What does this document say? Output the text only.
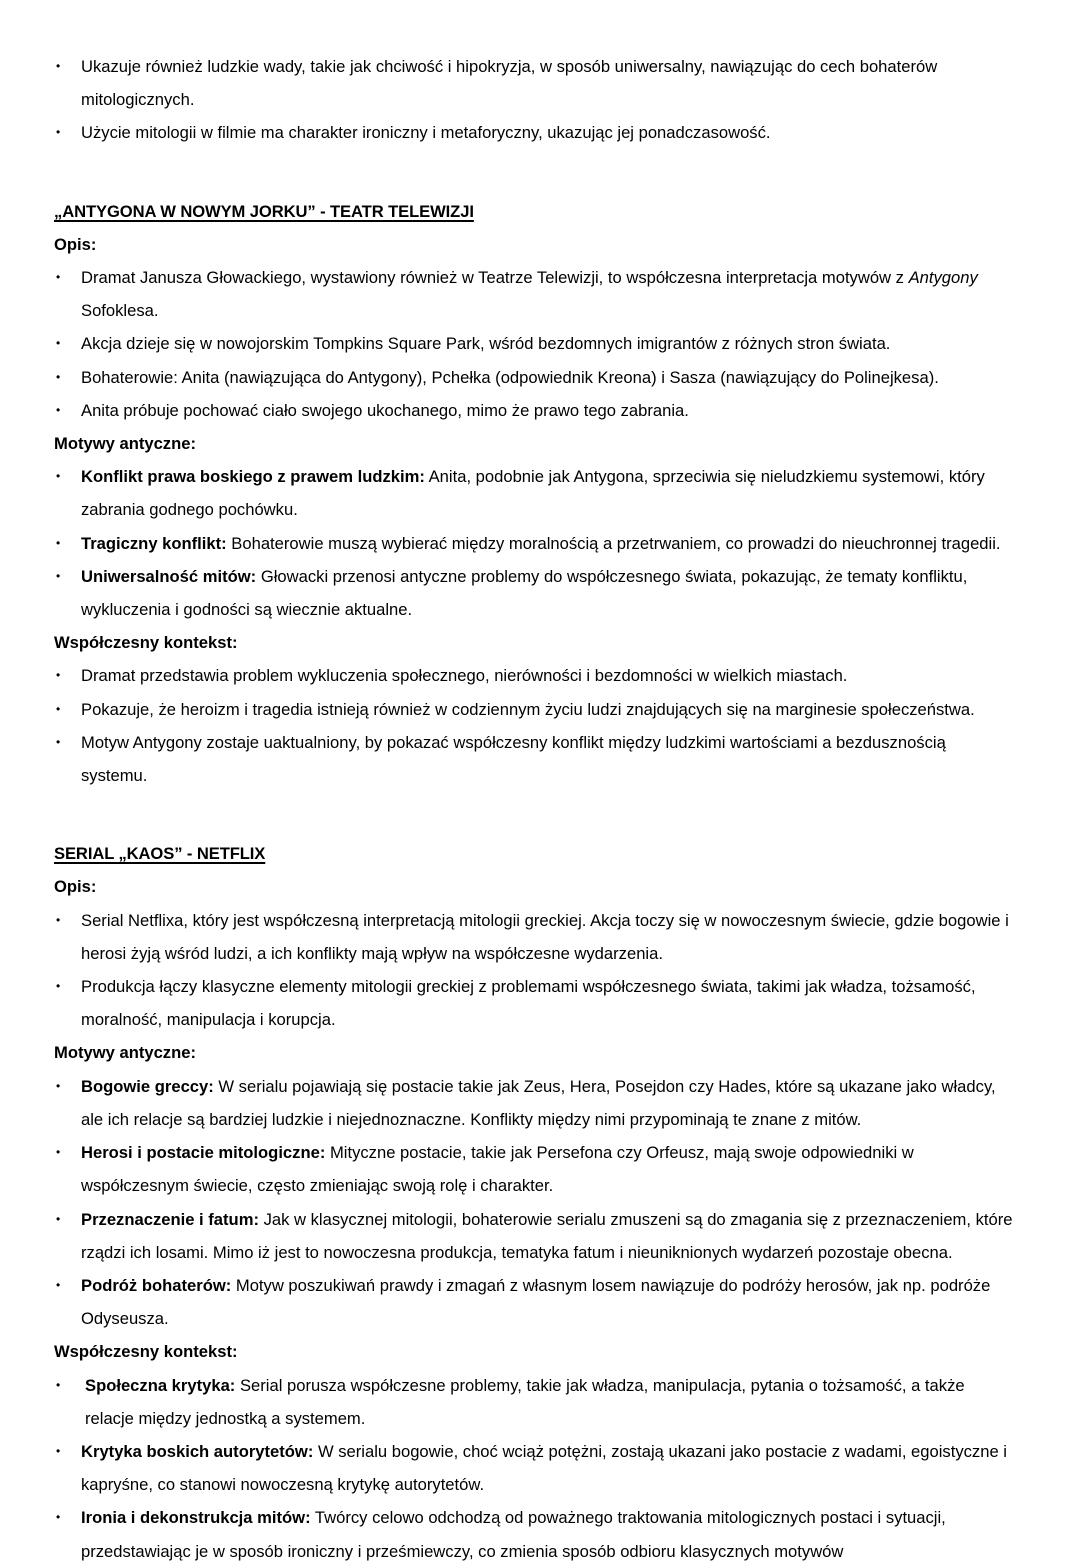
• Ukazuje również ludzkie wady, takie jak chciwość i hipokryzja, w sposób uniwersalny, nawiązując do cech bohaterów mitologicznych.
• Użycie mitologii w filmie ma charakter ironiczny i metaforyczny, ukazując jej ponadczasowość.
„ANTYGONA W NOWYM JORKU” - TEATR TELEWIZJI
Opis:
• Dramat Janusza Głowackiego, wystawiony również w Teatrze Telewizji, to współczesna interpretacja motywów z Antygony Sofoklesa.
• Akcja dzieje się w nowojorskim Tompkins Square Park, wśród bezdomnych imigrantów z różnych stron świata.
• Bohaterowie: Anita (nawiązująca do Antygony), Pchełka (odpowiednik Kreona) i Sasza (nawiązujący do Polinejkesa).
• Anita próbuje pochować ciało swojego ukochanego, mimo że prawo tego zabrania.
Motywy antyczne:
• Konflikt prawa boskiego z prawem ludzkim: Anita, podobnie jak Antygona, sprzeciwia się nieludzkiemu systemowi, który zabrania godnego pochówku.
• Tragiczny konflikt: Bohaterowie muszą wybierać między moralnością a przetrwaniem, co prowadzi do nieuchronnej tragedii.
• Uniwersalność mitów: Głowacki przenosi antyczne problemy do współczesnego świata, pokazując, że tematy konfliktu, wykluczenia i godności są wiecznie aktualne.
Współczesny kontekst:
• Dramat przedstawia problem wykluczenia społecznego, nierówności i bezdomności w wielkich miastach.
• Pokazuje, że heroizm i tragedia istnieją również w codziennym życiu ludzi znajdujących się na marginesie społeczeństwa.
• Motyw Antygony zostaje uaktualniony, by pokazać współczesny konflikt między ludzkimi wartościami a bezdusznością systemu.
SERIAL „KAOS” - NETFLIX
Opis:
• Serial Netflixa, który jest współczesną interpretacją mitologii greckiej. Akcja toczy się w nowoczesnym świecie, gdzie bogowie i herosi żyją wśród ludzi, a ich konflikty mają wpływ na współczesne wydarzenia.
• Produkcja łączy klasyczne elementy mitologii greckiej z problemami współczesnego świata, takimi jak władza, tożsamość, moralność, manipulacja i korupcja.
Motywy antyczne:
• Bogowie greccy: W serialu pojawiają się postacie takie jak Zeus, Hera, Posejdon czy Hades, które są ukazane jako władcy, ale ich relacje są bardziej ludzkie i niejednoznaczne. Konflikty między nimi przypominają te znane z mitów.
• Herosi i postacie mitologiczne: Mityczne postacie, takie jak Persefona czy Orfeusz, mają swoje odpowiedniki w współczesnym świecie, często zmieniając swoją rolę i charakter.
• Przeznaczenie i fatum: Jak w klasycznej mitologii, bohaterowie serialu zmuszeni są do zmagania się z przeznaczeniem, które rządzi ich losami. Mimo iż jest to nowoczesna produkcja, tematyka fatum i nieuniknionych wydarzeń pozostaje obecna.
• Podróż bohaterów: Motyw poszukiwań prawdy i zmagań z własnym losem nawiązuje do podróży herosów, jak np. podróże Odyseusza.
Współczesny kontekst:
• Społeczna krytyka: Serial porusza współczesne problemy, takie jak władza, manipulacja, pytania o tożsamość, a także relacje między jednostką a systemem.
• Krytyka boskich autorytetów: W serialu bogowie, choć wciąż potężni, zostają ukazani jako postacie z wadami, egoistyczne i kapryśne, co stanowi nowoczesną krytykę autorytetów.
• Ironia i dekonstrukcja mitów: Twórcy celowo odchodzą od poważnego traktowania mitologicznych postaci i sytuacji, przedstawiając je w sposób ironiczny i prześmiewczy, co zmienia sposób odbioru klasycznych motywów
